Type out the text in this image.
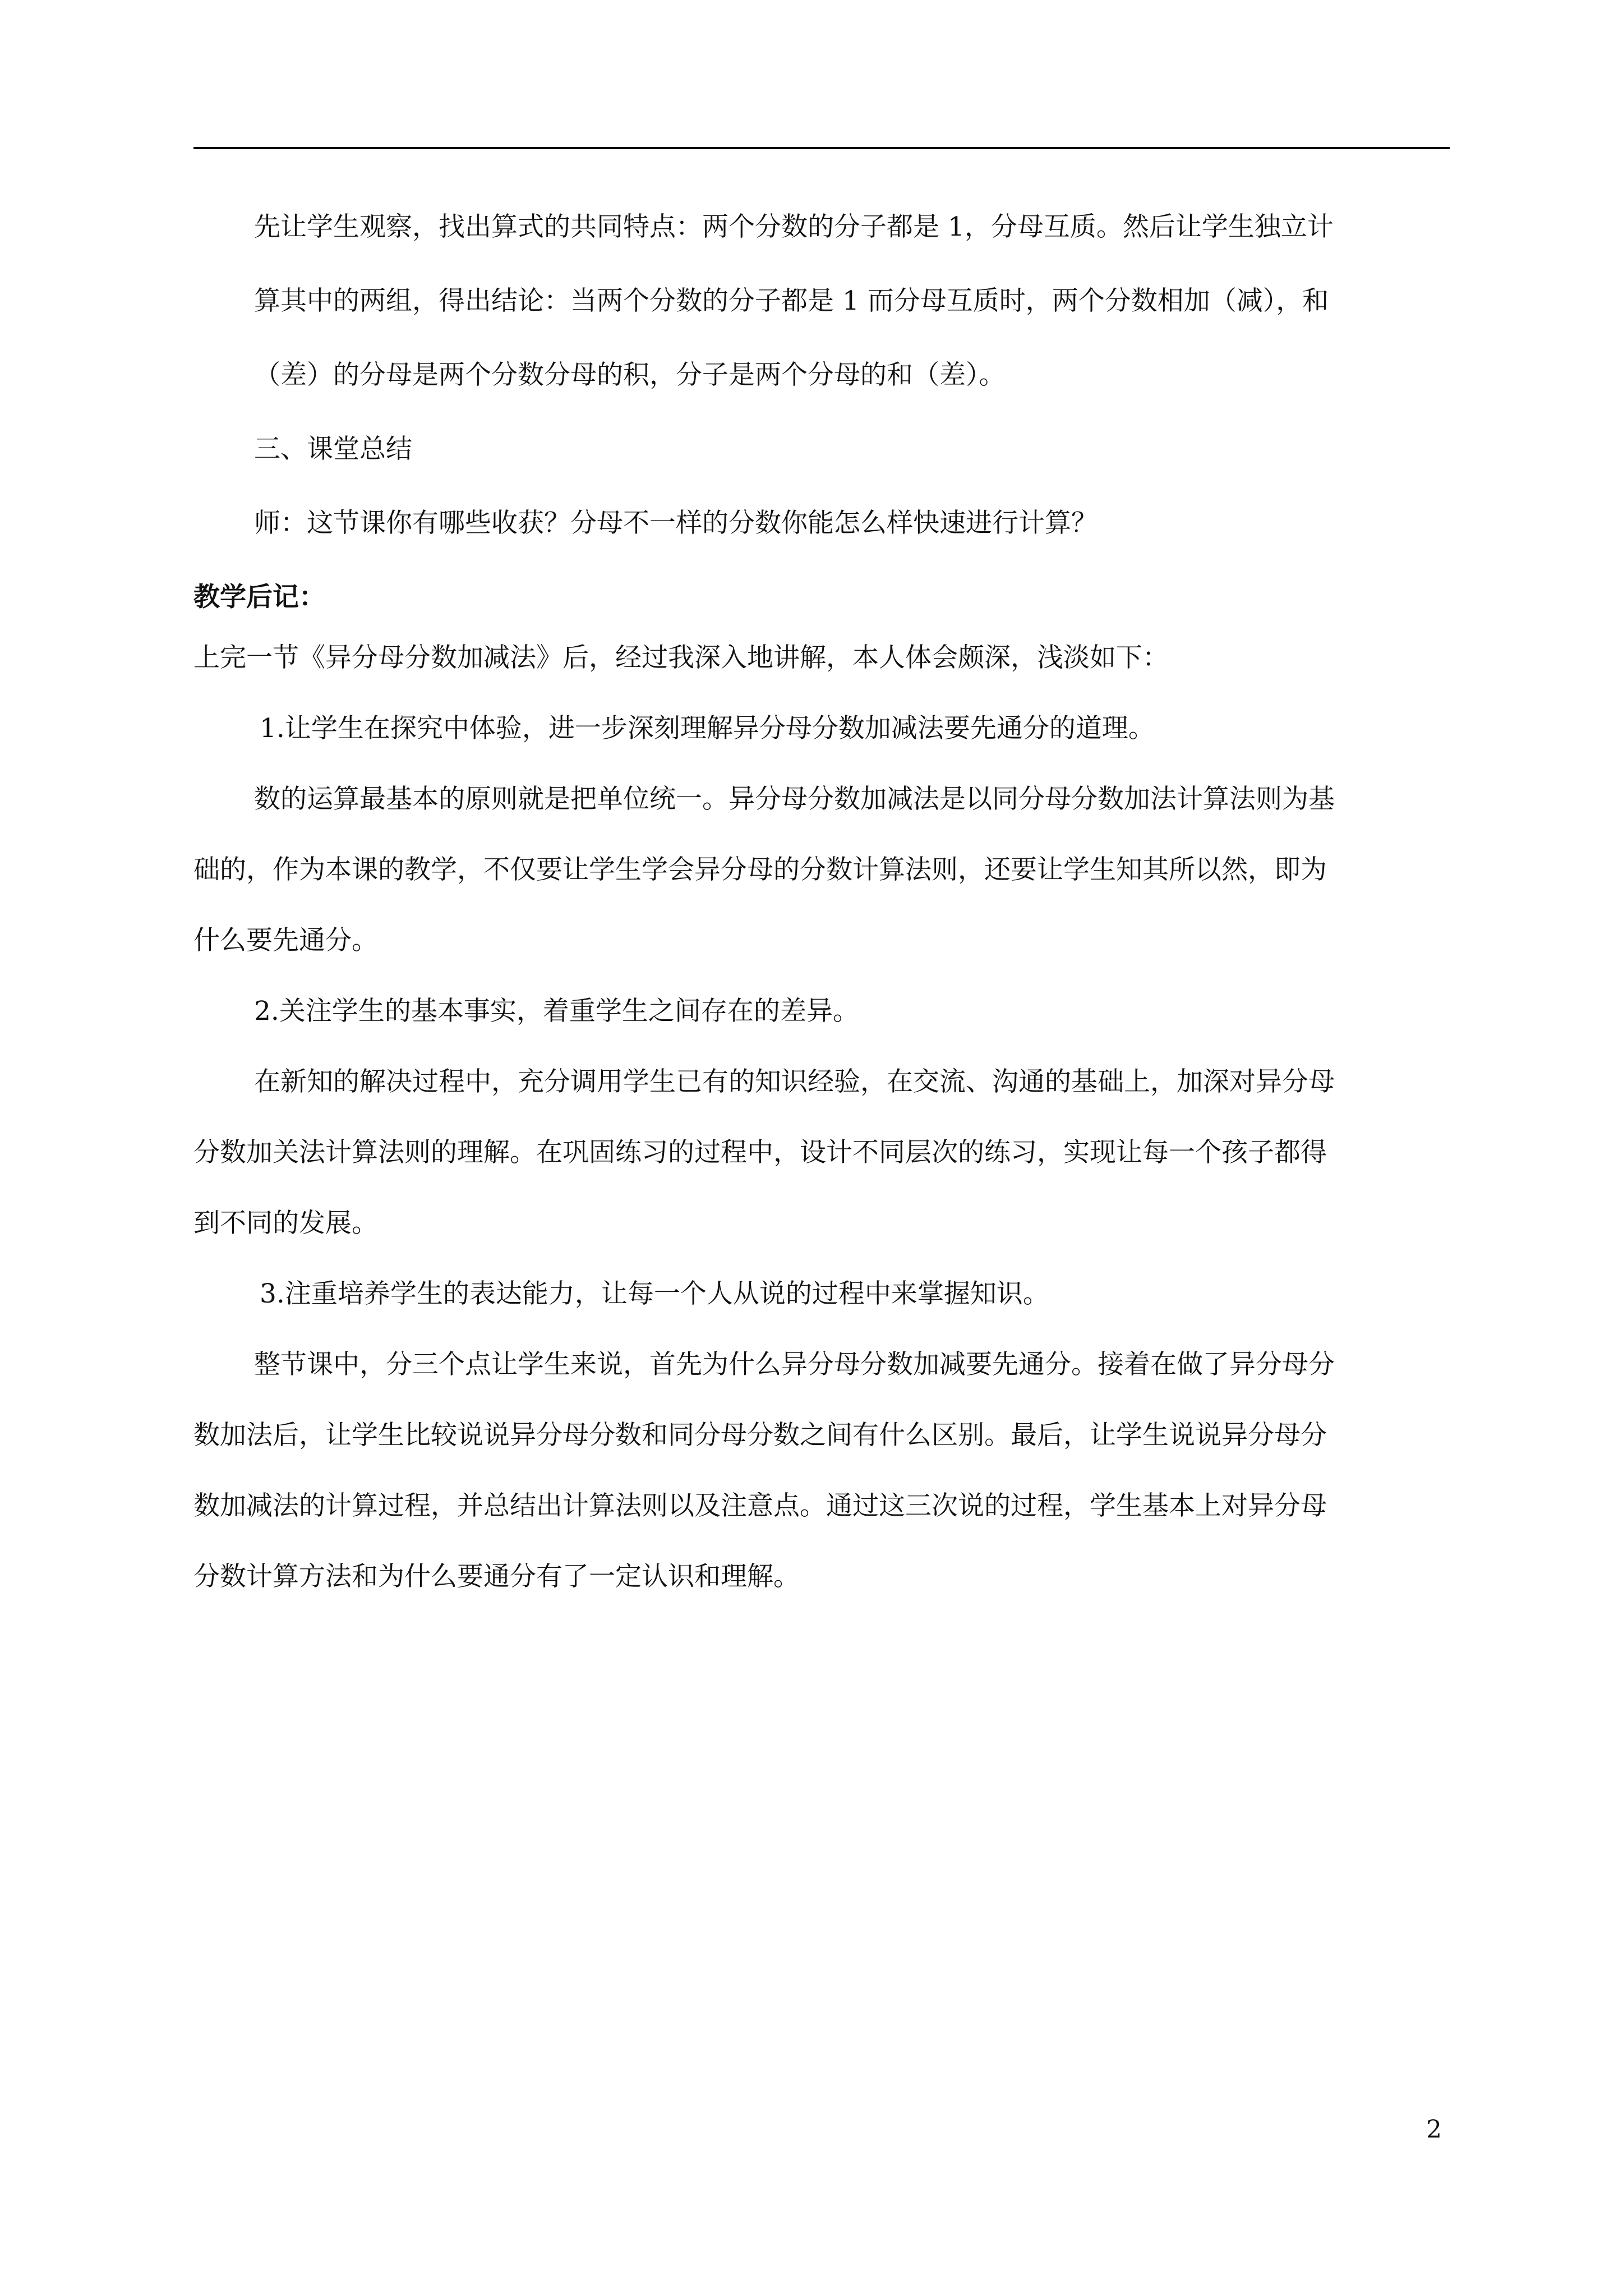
先让学生观察，找出算式的共同特点：两个分数的分子都是 1，分母互质。然后让学生独立计

算其中的两组，得出结论：当两个分数的分子都是 1 而分母互质时，两个分数相加（减），和

（差）的分母是两个分数分母的积，分子是两个分母的和（差）。

三、课堂总结

师：这节课你有哪些收获？分母不一样的分数你能怎么样快速进行计算？

教学后记：

上完一节《异分母分数加减法》后，经过我深入地讲解，本人体会颇深，浅淡如下：

1.让学生在探究中体验，进一步深刻理解异分母分数加减法要先通分的道理。

数的运算最基本的原则就是把单位统一。异分母分数加减法是以同分母分数加法计算法则为基

础的，作为本课的教学，不仅要让学生学会异分母的分数计算法则，还要让学生知其所以然，即为

什么要先通分。

2.关注学生的基本事实，着重学生之间存在的差异。

在新知的解决过程中，充分调用学生已有的知识经验，在交流、沟通的基础上，加深对异分母

分数加关法计算法则的理解。在巩固练习的过程中，设计不同层次的练习，实现让每一个孩子都得

到不同的发展。

3.注重培养学生的表达能力，让每一个人从说的过程中来掌握知识。

整节课中，分三个点让学生来说，首先为什么异分母分数加减要先通分。接着在做了异分母分

数加法后，让学生比较说说异分母分数和同分母分数之间有什么区别。最后，让学生说说异分母分

数加减法的计算过程，并总结出计算法则以及注意点。通过这三次说的过程，学生基本上对异分母

分数计算方法和为什么要通分有了一定认识和理解。

2
